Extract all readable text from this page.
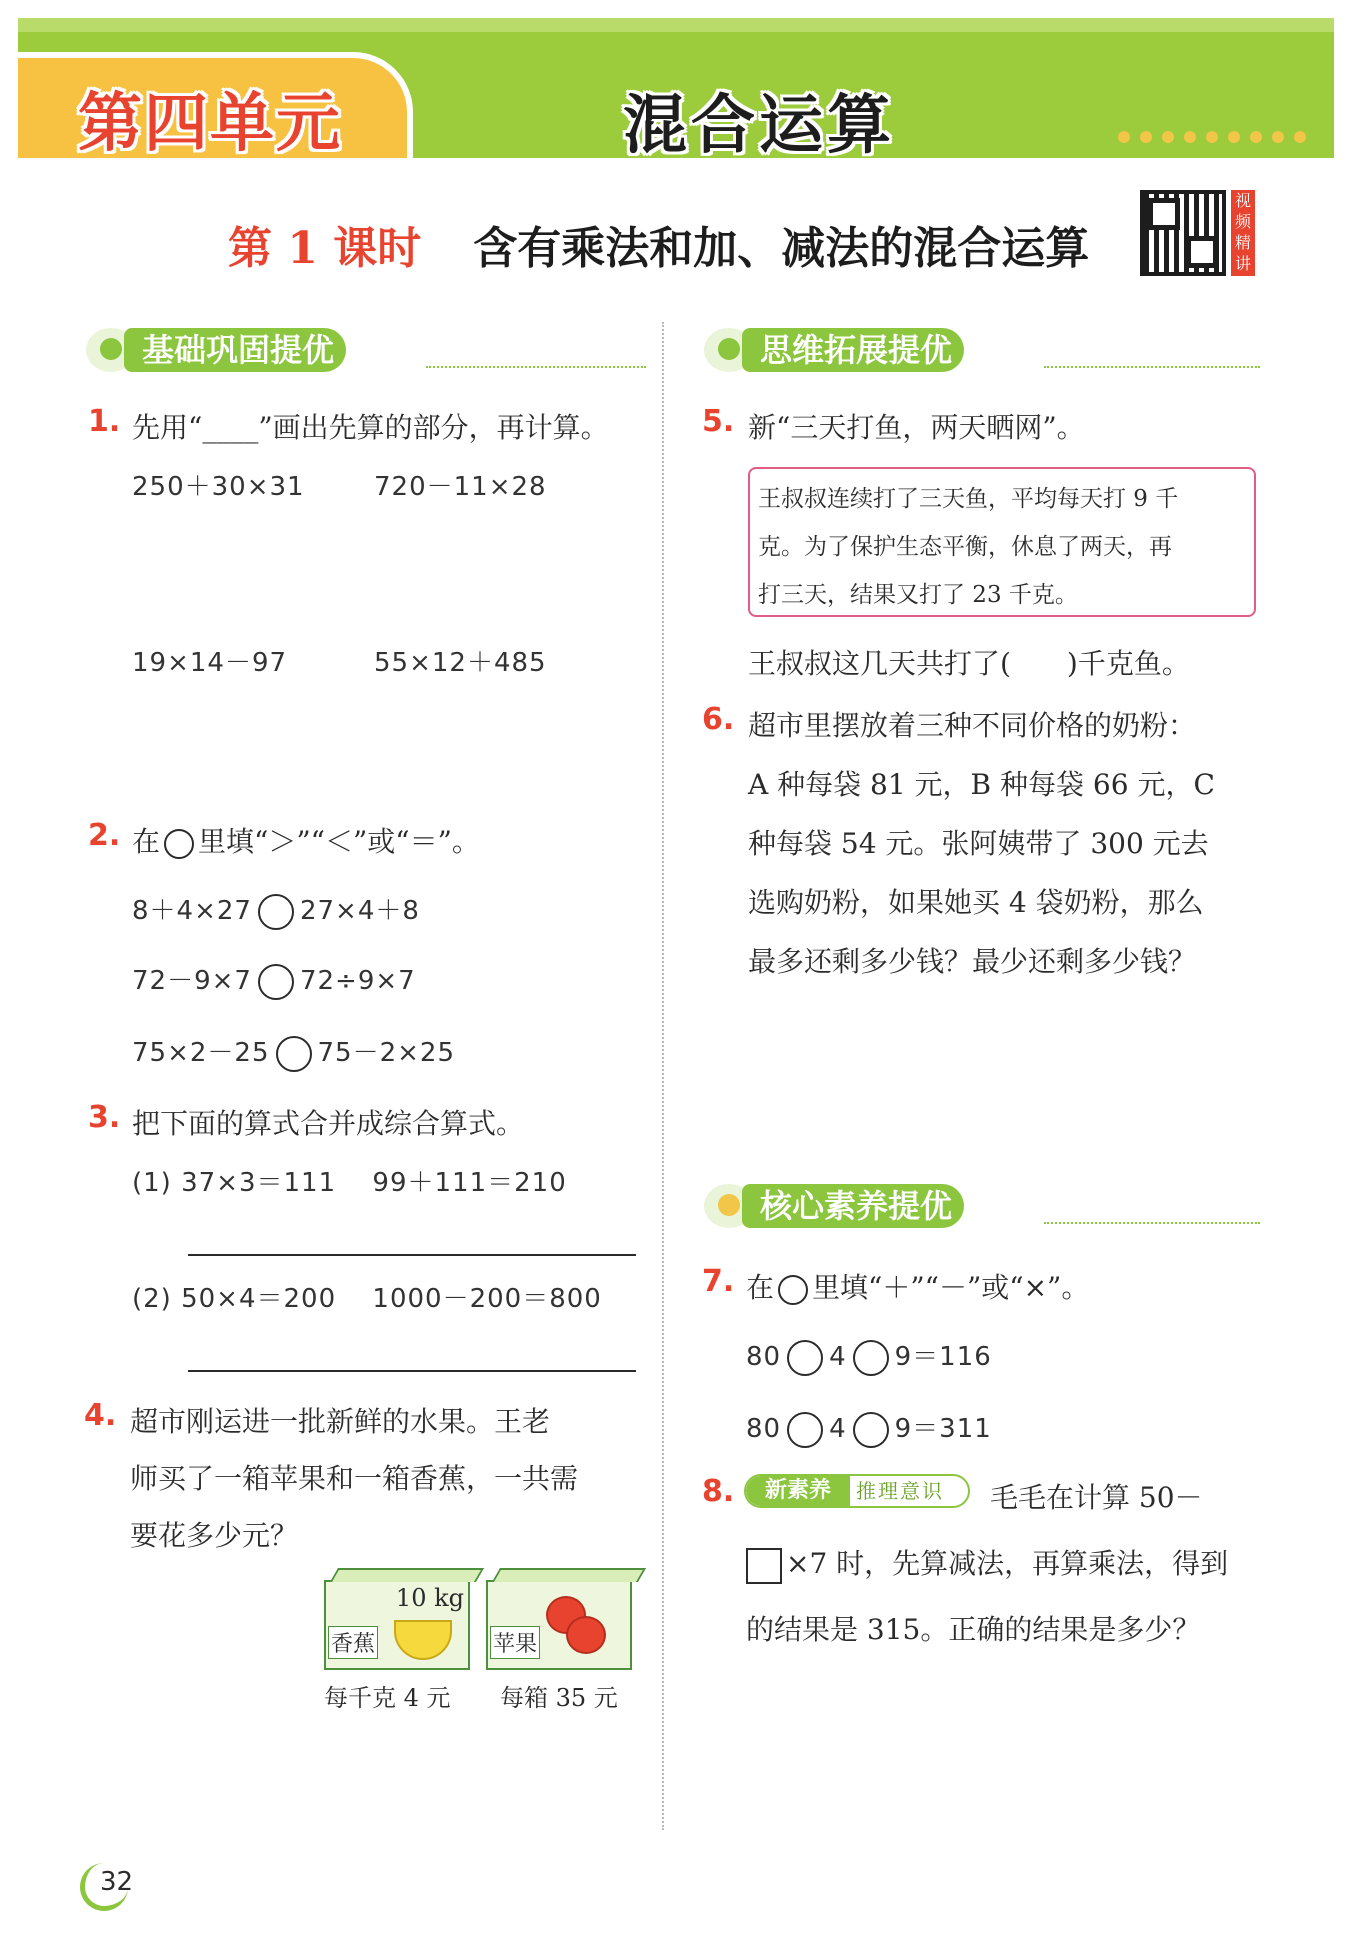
第四单元	混合运算
第 1 课时 含有乘法和加、减法的混合运算
视频精讲
基础巩固提优	思维拓展提优
核心素养提优
1. 先用“____”画出先算的部分，再计算。
250＋30×31	720－11×28
19×14－97	55×12＋485
2. 在 里填“＞”“＜”或“＝”。
8＋4×27 27×4＋8
72－9×7 72÷9×7
75×2－25 75－2×25
3. 把下面的算式合并成综合算式。
(1) 37×3＝111　 99＋111＝210
(2) 50×4＝200　 1000－200＝800
4. 超市刚运进一批新鲜的水果。王老
师买了一箱苹果和一箱香蕉，一共需
要花多少元？
10 kg
香蕉
每千克 4 元
苹果
每箱 35 元
5. 新“三天打鱼，两天晒网”。

王叔叔连续打了三天鱼，平均每天打 9 千

克。为了保护生态平衡，休息了两天，再

打三天，结果又打了 23 千克。

王叔叔这几天共打了(　　)千克鱼。
6. 超市里摆放着三种不同价格的奶粉：
A 种每袋 81 元，B 种每袋 66 元，C
种每袋 54 元。张阿姨带了 300 元去
选购奶粉，如果她买 4 袋奶粉，那么
最多还剩多少钱？最少还剩多少钱？
7. 在 里填“＋”“－”或“×”。
80 4 9＝116
80 4 9＝311
8.	新素养	推理意识 毛毛在计算 50－
×7 时，先算减法，再算乘法，得到
的结果是 315。正确的结果是多少？
32
